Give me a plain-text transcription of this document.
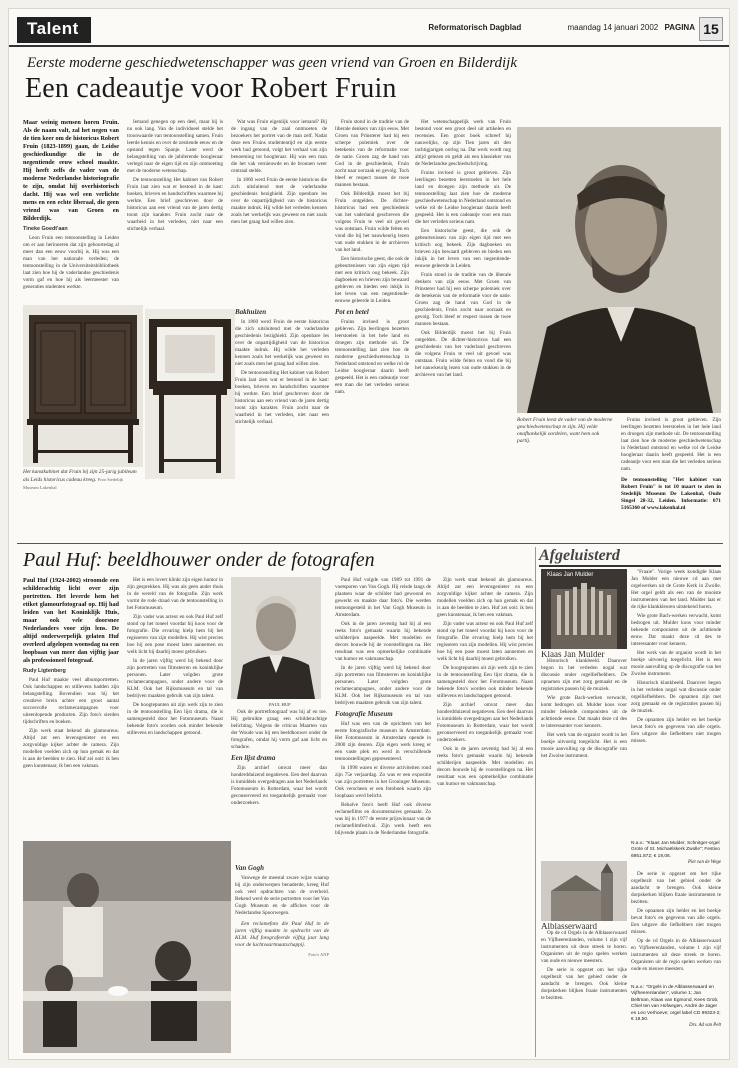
Talent	Reformatorisch Dagblad	maandag 14 januari 2002 PAGINA 15
Eerste moderne geschiedwetenschapper was geen vriend van Groen en Bilderdijk
Een cadeautje voor Robert Fruin

Maar weinig mensen horen Fruin. Als de naam valt, zal het negen van de tien keer om de historicus Robert Fruin (1823-1899) gaan, de Leidse geschiedkundige die in de negentiende eeuw school maakte. Hij heeft zelfs de vader van de moderne Nederlandse historiografie te zijn, omdat hij overhistorisch dacht. Hij was wel een verlichte mens en een echte liberaal, die geen vriend was van Groen en Bilderdijk.

Tineke Goedt'aan

Leon Fruin een tentoonstelling in Leiden om er aan herinneren dat zijn geboortedag al meer dan een eeuw voorbij is. Hij was een man van het nationale verleden; de tentoonstelling in de Universiteitsbibliotheek laat zien hoe hij de vaderlandse geschiedenis vorm gaf en hoe hij als leermeester van generaties studenten werkte.

Iemand genegen op een deel, maar hij is nu ook lang. Van de individueel stelde het troonwaarde van tentoonstelling samen. Fruin leerde kennis en over de zestiende eeuw en de opstand tegen Spanje. Later werd de belangstelling van de jubilerende hoogleraar verlegd naar de eigen tijd en zijn ontmoeting met de moderne wetenschap.

De tentoonstelling Het kabinet van Robert Fruin laat zien wat er bestond in de kast: boeken, brieven en handschriften waarmee hij werkte. Een brief geschreven door de historicus aan een vriend van de jaren dertig toont zijn karakter. Fruin zocht naar de waarheid in het verleden, niet naar een stichtelijk verhaal.

Wat was Fruin eigenlijk voor iemand? Bij de ingang van de zaal ontmoeten de bezoekers het portret van de man zelf. Nadat deze een Fruins studententijd en zijn eerste werk had getoond, volgt het verhaal van zijn benoeming tot hoogleraar. Hij was een man die het vak vernieuwde en de bronnen weer centraal stelde.

In 1860 werd Fruin de eerste historicus die zich uitsluitend met de vaderlandse geschiedenis bezighield. Zijn openbare les over de onpartijdigheid van de historicus maakte indruk. Hij wilde het verleden kennen zoals het werkelijk was geweest en niet zoals men het graag had willen zien.

Fruin stond in de traditie van de liberale denkers van zijn eeuw. Met Groen van Prinsterer had hij een scherpe polemiek over de betekenis van de reformatie voor de natie. Groen zag de hand van God in de geschiedenis, Fruin zocht naar oorzaak en gevolg. Toch bleef er respect tussen de twee mannen bestaan.

Ook Bilderdijk moest het bij Fruin ontgelden. De dichter-historicus had een geschiedenis van het vaderland geschreven die volgens Fruin te veel uit gevoel was ontstaan. Fruin wilde feiten en vond die bij het nauwkeurig lezen van oude stukken in de archieven van het land.

Een historische geest, die ook de gebeurtenissen van zijn eigen tijd met een kritisch oog bekeek. Zijn dagboeken en brieven zijn bewaard gebleven en bieden een inkijk in het leven van een negentiende-eeuwse geleerde in Leiden.

Pot en betel

Fruins invloed is groot gebleven. Zijn leerlingen bezetten leerstoelen in het hele land en droegen zijn methode uit. De tentoonstelling laat zien hoe de moderne geschiedwetenschap in Nederland ontstond en welke rol de Leidse hoogleraar daarin heeft gespeeld. Het is een cadeautje voor een man die het verleden serieus nam.

Het wetenschappelijk werk van Fruin bestond voor een groot deel uit artikelen en recensies. Een groot boek schreef hij nauwelijks, op zijn Tien jaren uit den tachtigjarigen oorlog na. Dat werk wordt nog altijd gelezen en geldt als een klassieker van de Nederlandse geschiedschrijving.

Fruins invloed is groot gebleven. Zijn leerlingen bezetten leerstoelen in het hele land en droegen zijn methode uit. De tentoonstelling laat zien hoe de moderne geschiedwetenschap in Nederland ontstond en welke rol de Leidse hoogleraar daarin heeft gespeeld. Het is een cadeautje voor een man die het verleden serieus nam.

Een historische geest, die ook de gebeurtenissen van zijn eigen tijd met een kritisch oog bekeek. Zijn dagboeken en brieven zijn bewaard gebleven en bieden een inkijk in het leven van een negentiende-eeuwse geleerde in Leiden.

Fruin stond in de traditie van de liberale denkers van zijn eeuw. Met Groen van Prinsterer had hij een scherpe polemiek over de betekenis van de reformatie voor de natie. Groen zag de hand van God in de geschiedenis, Fruin zocht naar oorzaak en gevolg. Toch bleef er respect tussen de twee mannen bestaan.

Ook Bilderdijk moest het bij Fruin ontgelden. De dichter-historicus had een geschiedenis van het vaderland geschreven die volgens Fruin te veel uit gevoel was ontstaan. Fruin wilde feiten en vond die bij het nauwkeurig lezen van oude stukken in de archieven van het land.

Het kunstkabinet dat Fruin bij zijn 25-jarig jubileum als Leids historicus cadeau kreeg. Foto Stedelijk Museum Lakenhal
Bakhuizen

In 1860 werd Fruin de eerste historicus die zich uitsluitend met de vaderlandse geschiedenis bezighield. Zijn openbare les over de onpartijdigheid van de historicus maakte indruk. Hij wilde het verleden kennen zoals het werkelijk was geweest en niet zoals men het graag had willen zien.

De tentoonstelling Het kabinet van Robert Fruin laat zien wat er bestond in de kast: boeken, brieven en handschriften waarmee hij werkte. Een brief geschreven door de historicus aan een vriend van de jaren dertig toont zijn karakter. Fruin zocht naar de waarheid in het verleden, niet naar een stichtelijk verhaal.	Robert Fruin leest de vader van de moderne geschiedwetenschap te zijn. Hij velde onafhankelijk oordelen, want hem ook partij.

Fruins invloed is groot gebleven. Zijn leerlingen bezetten leerstoelen in het hele land en droegen zijn methode uit. De tentoonstelling laat zien hoe de moderne geschiedwetenschap in Nederland ontstond en welke rol de Leidse hoogleraar daarin heeft gespeeld. Het is een cadeautje voor een man die het verleden serieus nam.

De tentoonstelling "Het kabinet van Robert Fruin" is tot 10 maart te zien in Stedelijk Museum De Lakenhal, Oude Singel 28-32, Leiden. Informatie: 071 5165360 of www.lakenhal.nl

Paul Huf: beeldhouwer onder de fotografen

Paul Huf (1924-2002) stroomde een schilderachtig licht over zijn portretten. Het leverde hem het etiket glamourfotograaf op. Hij had leiden van het Koninklijk Huis, maar ook vele doorsnee Nederlanders voor zijn lens. De altijd onderwerpelijk gelaten Huf overleed afgelopen woensdag na een loopbaan van meer dan vijftig jaar als professioneel fotograaf.

Rudy Ligtenberg

Paul Huf maakte veel albumportretten. Ook landschappen en stillevens hadden zijn belangstelling. Bovendien was hij het creatieve brein achter een groot aantal succesvolle reclamecampagnes voor uiteenlopende producten. Zijn foto's sierden tijdschriften en boeken.

Zijn werk staat bekend als glamoureus. Altijd zat een levensgenieter en een zorgvuldige kijker achter de camera. Zijn modellen voelden zich op hun gemak en dat is aan de beelden te zien. Huf zei ooit: ik ben geen kunstenaar, ik ben een vakman.

Het is een lovert klinkt zijn eigen humor in zijn gesprekken. Hij was als geen ander thuis in de wereld van de fotografie. Zijn werk vormt de rode draad van de tentoonstelling in het Fotomuseum.

Zijn vader was acteur en ook Paul Huf zelf stond op het toneel voordat hij koos voor de fotografie. Die ervaring hielp hem bij het regisseren van zijn modellen. Hij wist precies hoe hij een pose moest laten aannemen en welk licht hij daarbij moest gebruiken.

In de jaren vijftig werd hij bekend door zijn portretten van filmsterren en koninklijke personen. Later volgden grote reclamecampagnes, onder andere voor de KLM. Ook het Rijksmuseum en tal van bedrijven maakten gebruik van zijn talent.

De hoogtepunten uit zijn werk zijn te zien in de tentoonstelling Een lijst drama, die is samengesteld door het Fotomuseum. Naast bekende foto's worden ook minder bekende stillevens en landschappen getoond.

PAUL HUF

Ook de portretfotograaf was hij af en toe. Hij gebruikte graag een schilderachtige belichting. Volgens de criticus Maarten van der Woude was hij een beeldhouwer onder de fotografen, omdat hij vorm gaf aan licht en schaduw.

Een lijst drama

Zijn archief omvat meer dan honderdduizend negatieven. Een deel daarvan is inmiddels overgedragen aan het Nederlands Fotomuseum in Rotterdam, waar het wordt geconserveerd en toegankelijk gemaakt voor onderzoekers.

Paul Huf volgde van 1989 tot 1991 de voetsporen van Van Gogh. Hij reisde langs de plaatsen waar de schilder had gewoond en gewerkt en maakte daar foto's. Die werden tentoongesteld in het Van Gogh Museum in Amsterdam.

Ook in de jaren zeventig had hij al een reeks foto's gemaakt waarin hij bekende schilderijen naspeelde. Met modellen en decors bouwde hij de voorstellingen na. Het resultaat was een opmerkelijke combinatie van humor en vakmanschap.

In de jaren vijftig werd hij bekend door zijn portretten van filmsterren en koninklijke personen. Later volgden grote reclamecampagnes, onder andere voor de KLM. Ook het Rijksmuseum en tal van bedrijven maakten gebruik van zijn talent.

Fotografie Museum

Huf was een van de oprichters van het eerste fotografische museum in Amsterdam. Het Fotomuseum in Amsterdam opende in 2000 zijn deuren. Zijn eigen werk kreeg er een vaste plek en werd in verschillende tentoonstellingen gepresenteerd.

In 1998 waren er diverse activiteiten rond zijn 75e verjaardag. Zo was er een expositie van zijn portretten in het Groninger Museum. Ook verscheen er een fotoboek waarin zijn loopbaan werd belicht.

Behalve foto's heeft Huf ook diverse reclamefilms en documentaires gemaakt. Zo was hij in 1977 de eerste prijswinnaar van de reclamefilmfestival. Zijn werk heeft een blijvende plaats in de Nederlandse fotografie.

Zijn werk staat bekend als glamoureus. Altijd zat een levensgenieter en een zorgvuldige kijker achter de camera. Zijn modellen voelden zich op hun gemak en dat is aan de beelden te zien. Huf zei ooit: ik ben geen kunstenaar, ik ben een vakman.

Zijn vader was acteur en ook Paul Huf zelf stond op het toneel voordat hij koos voor de fotografie. Die ervaring hielp hem bij het regisseren van zijn modellen. Hij wist precies hoe hij een pose moest laten aannemen en welk licht hij daarbij moest gebruiken.

De hoogtepunten uit zijn werk zijn te zien in de tentoonstelling Een lijst drama, die is samengesteld door het Fotomuseum. Naast bekende foto's worden ook minder bekende stillevens en landschappen getoond.

Zijn archief omvat meer dan honderdduizend negatieven. Een deel daarvan is inmiddels overgedragen aan het Nederlands Fotomuseum in Rotterdam, waar het wordt geconserveerd en toegankelijk gemaakt voor onderzoekers.

Ook in de jaren zeventig had hij al een reeks foto's gemaakt waarin hij bekende schilderijen naspeelde. Met modellen en decors bouwde hij de voorstellingen na. Het resultaat was een opmerkelijke combinatie van humor en vakmanschap.

Van Gogh

Vanwege de meestal zware wijze waarop hij zijn onderwerpen benaderde, kreeg Huf ook veel opdrachten van de overheid. Bekend werd de serie portretten voor het Van Gogh Museum en de affiches voor de Nederlandse Spoorwegen.

Een reclamefoto die Paul Huf in de jaren vijftig maakte in opdracht van de KLM. Huf fotografeerde vijftig jaar lang voor de luchtvaartmaatschappij.

Foto's ANP

Afgeluisterd
Klaas Jan Mulder
Klaas Jan Mulder

Historisch klankbeeld. Daarover begon in het verleden nogal wat discussie onder orgelliefhebbers. De opnamen zijn met zorg gemaakt en de registraties passen bij de muziek.

Wie grote Bach-werken verwacht, komt bedrogen uit. Mulder koos voor minder bekende componisten uit de achttiende eeuw. Dat maakt deze cd des te interessanter voor kenners.

Het werk van de organist wordt in het boekje uitvoerig toegelicht. Het is een mooie aanvulling op de discografie van het Zwolse instrument.

Alblasserwaard

Op de cd Orgels in de Alblasserwaard en Vijfheerenlanden, volume 1 zijn vijf instrumenten uit deze streek te horen. Organisten uit de regio spelen werken van oude en nieuwe meesters.

De serie is opgezet om het rijke orgelbezit van het gebied onder de aandacht te brengen. Ook kleine dorpskerken blijken fraaie instrumenten te bezitten.

"Fraaie". Vorige week kondigde Klaas Jan Mulder een nieuwe cd aan met orgelwerken uit de Grote Kerk in Zwolle. Het orgel geldt als een van de mooiste instrumenten van het land. Mulder laat er de rijke klankkleuren uitstekend horen.

Wie grote Bach-werken verwacht, komt bedrogen uit. Mulder koos voor minder bekende componisten uit de achttiende eeuw. Dat maakt deze cd des te interessanter voor kenners.

Het werk van de organist wordt in het boekje uitvoerig toegelicht. Het is een mooie aanvulling op de discografie van het Zwolse instrument.

Historisch klankbeeld. Daarover begon in het verleden nogal wat discussie onder orgelliefhebbers. De opnamen zijn met zorg gemaakt en de registraties passen bij de muziek.

De opnamen zijn helder en het boekje bevat foto's en gegevens van alle orgels. Een uitgave die liefhebbers niet mogen missen.

N.a.v.: "Klaas Jan Mulder, Schnitger-orgel Grote of St. Michaëlskerk Zwolle"; Festivo 6951.872; € 19,06.
Piet van de Wege

De serie is opgezet om het rijke orgelbezit van het gebied onder de aandacht te brengen. Ook kleine dorpskerken blijken fraaie instrumenten te bezitten.

De opnamen zijn helder en het boekje bevat foto's en gegevens van alle orgels. Een uitgave die liefhebbers niet mogen missen.

Op de cd Orgels in de Alblasserwaard en Vijfheerenlanden, volume 1 zijn vijf instrumenten uit deze streek te horen. Organisten uit de regio spelen werken van oude en nieuwe meesters.

N.a.v.: "Orgels in de Alblasserwaard en Vijfheerenlanden", volume 1; Jan Beltman, Klaas van Egmond, Kees Grob, Chiel ten van Hofwegen, André de Jager en Leo Verhoeve; orgel label CD 99323-2; € 18,50.
Drs. Ad van Pelt
